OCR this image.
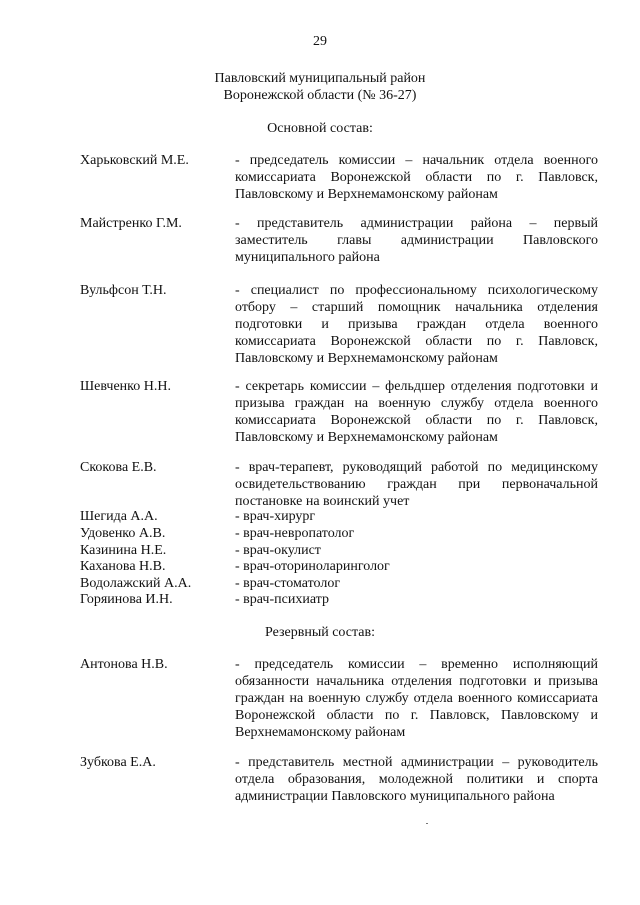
29
Павловский муниципальный район
Воронежской области (№ 36-27)
Основной состав:
Харьковский М.Е.	- председатель комиссии – начальник отдела военного комиссариата Воронежской области по г. Павловск, Павловскому и Верхнемамонскому районам
Майстренко Г.М.	- представитель администрации района – первый заместитель главы администрации Павловского муниципального района
Вульфсон Т.Н.	- специалист по профессиональному психологическому отбору – старший помощник начальника отделения подготовки и призыва граждан отдела военного комиссариата Воронежской области по г. Павловск, Павловскому и Верхнемамонскому районам
Шевченко Н.Н.	- секретарь комиссии – фельдшер отделения подготовки и призыва граждан на военную службу отдела военного комиссариата Воронежской области по г. Павловск, Павловскому и Верхнемамонскому районам
Скокова Е.В.	- врач-терапевт, руководящий работой по медицинскому освидетельствованию граждан при первоначальной постановке на воинский учет
Шегида А.А.	- врач-хирург
Удовенко А.В.	- врач-невропатолог
Казинина Н.Е.	- врач-окулист
Каханова Н.В.	- врач-оториноларинголог
Водолажский А.А.	- врач-стоматолог
Горяинова И.Н.	- врач-психиатр
Резервный состав:
Антонова Н.В.	- председатель комиссии – временно исполняющий обязанности начальника отделения подготовки и призыва граждан на военную службу отдела военного комиссариата Воронежской области по г. Павловск, Павловскому и Верхнемамонскому районам
Зубкова Е.А.	- представитель местной администрации – руководитель отдела образования, молодежной политики и спорта администрации Павловского муниципального района
